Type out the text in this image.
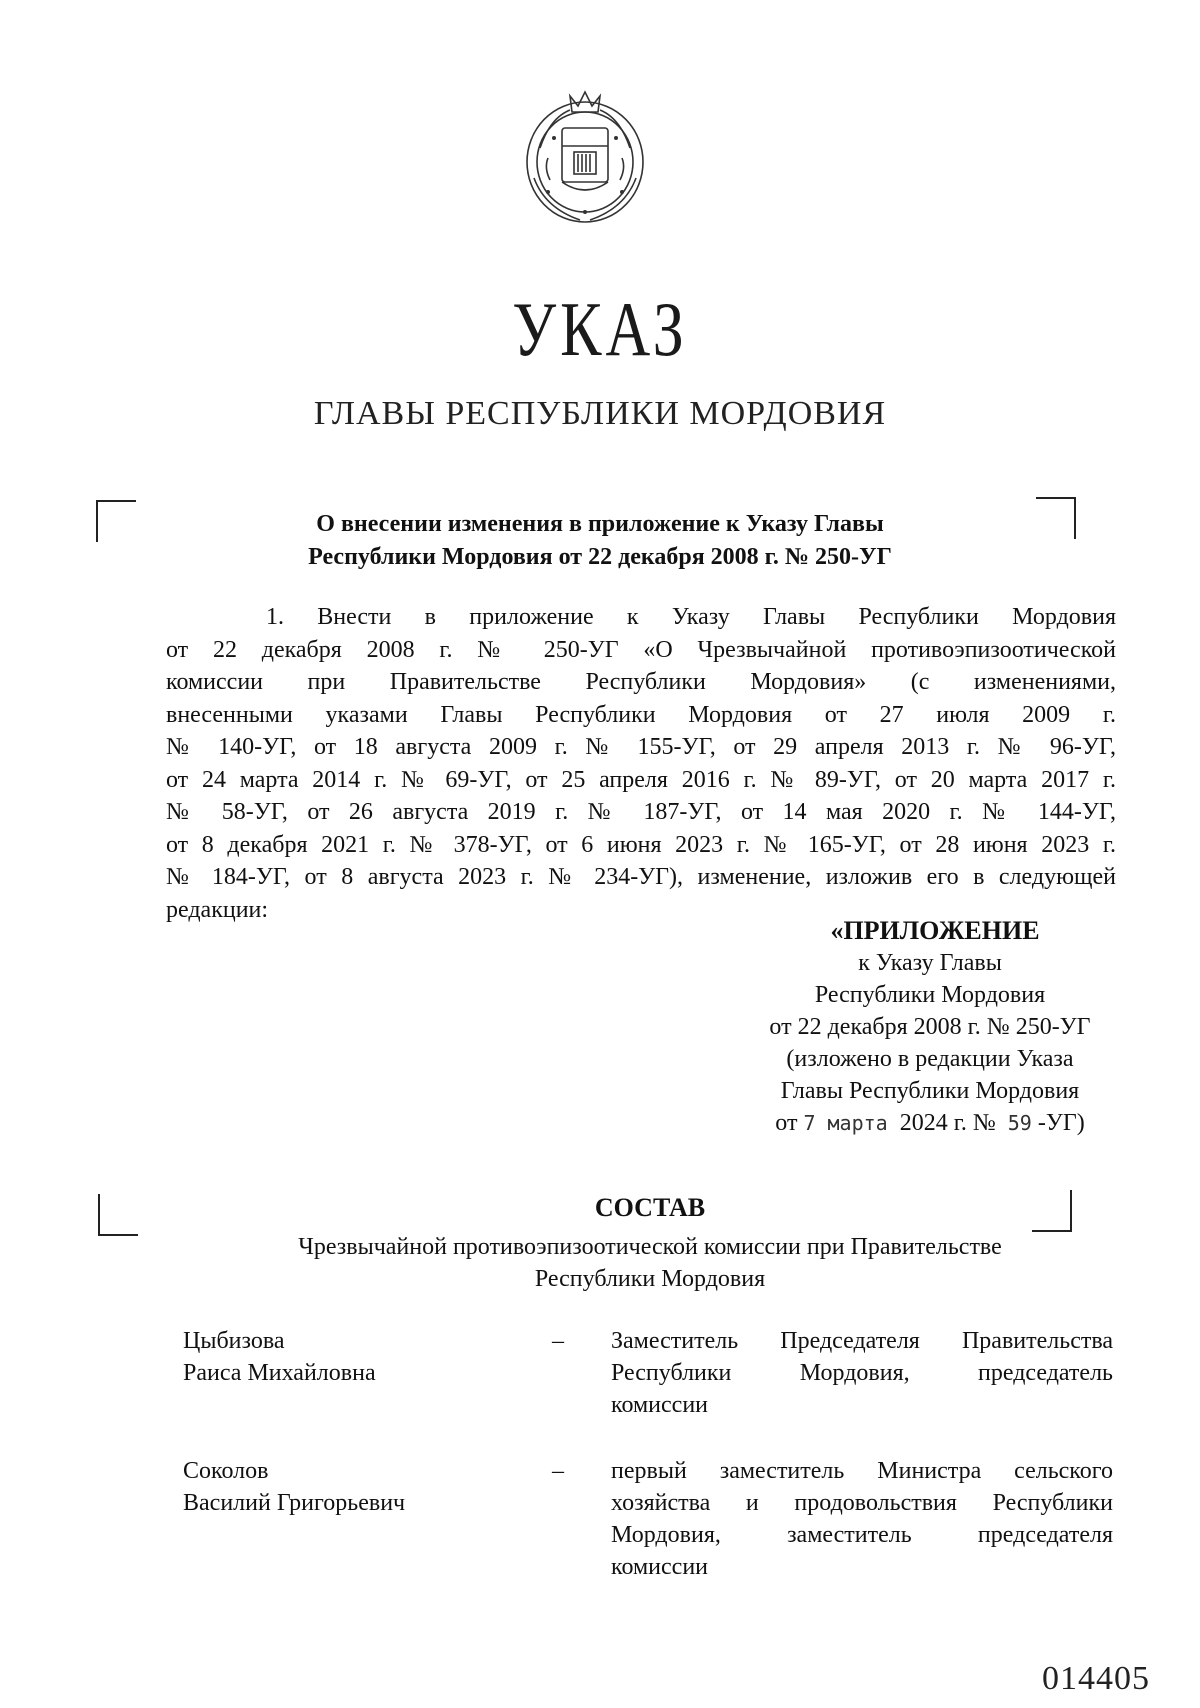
УКАЗ
ГЛАВЫ РЕСПУБЛИКИ МОРДОВИЯ
О внесении изменения в приложение к Указу Главы
Республики Мордовия от 22 декабря 2008 г. № 250-УГ
1. Внести в приложение к Указу Главы Республики Мордовия
от 22 декабря 2008 г. № 250-УГ «О Чрезвычайной противоэпизоотической
комиссии при Правительстве Республики Мордовия» (с изменениями,
внесенными указами Главы Республики Мордовия от 27 июля 2009 г.
№ 140-УГ, от 18 августа 2009 г. № 155-УГ, от 29 апреля 2013 г. № 96-УГ,
от 24 марта 2014 г. № 69-УГ, от 25 апреля 2016 г. № 89-УГ, от 20 марта 2017 г.
№ 58-УГ, от 26 августа 2019 г. № 187-УГ, от 14 мая 2020 г. № 144-УГ,
от 8 декабря 2021 г. № 378-УГ, от 6 июня 2023 г. № 165-УГ, от 28 июня 2023 г.
№ 184-УГ, от 8 августа 2023 г. № 234-УГ), изменение, изложив его в следующей
редакции:
«ПРИЛОЖЕНИЕ
к Указу Главы
Республики Мордовия
от 22 декабря 2008 г. № 250-УГ
(изложено в редакции Указа
Главы Республики Мордовия
от 7 марта 2024 г. № 59 -УГ)
СОСТАВ
Чрезвычайной противоэпизоотической комиссии при Правительстве
Республики Мордовия
Цыбизова
Раиса Михайловна
–	Заместитель Председателя Правительства
Республики Мордовия, председатель
комиссии
Соколов
Василий Григорьевич
–	первый заместитель Министра сельского
хозяйства и продовольствия Республики
Мордовия, заместитель председателя
комиссии
014405
